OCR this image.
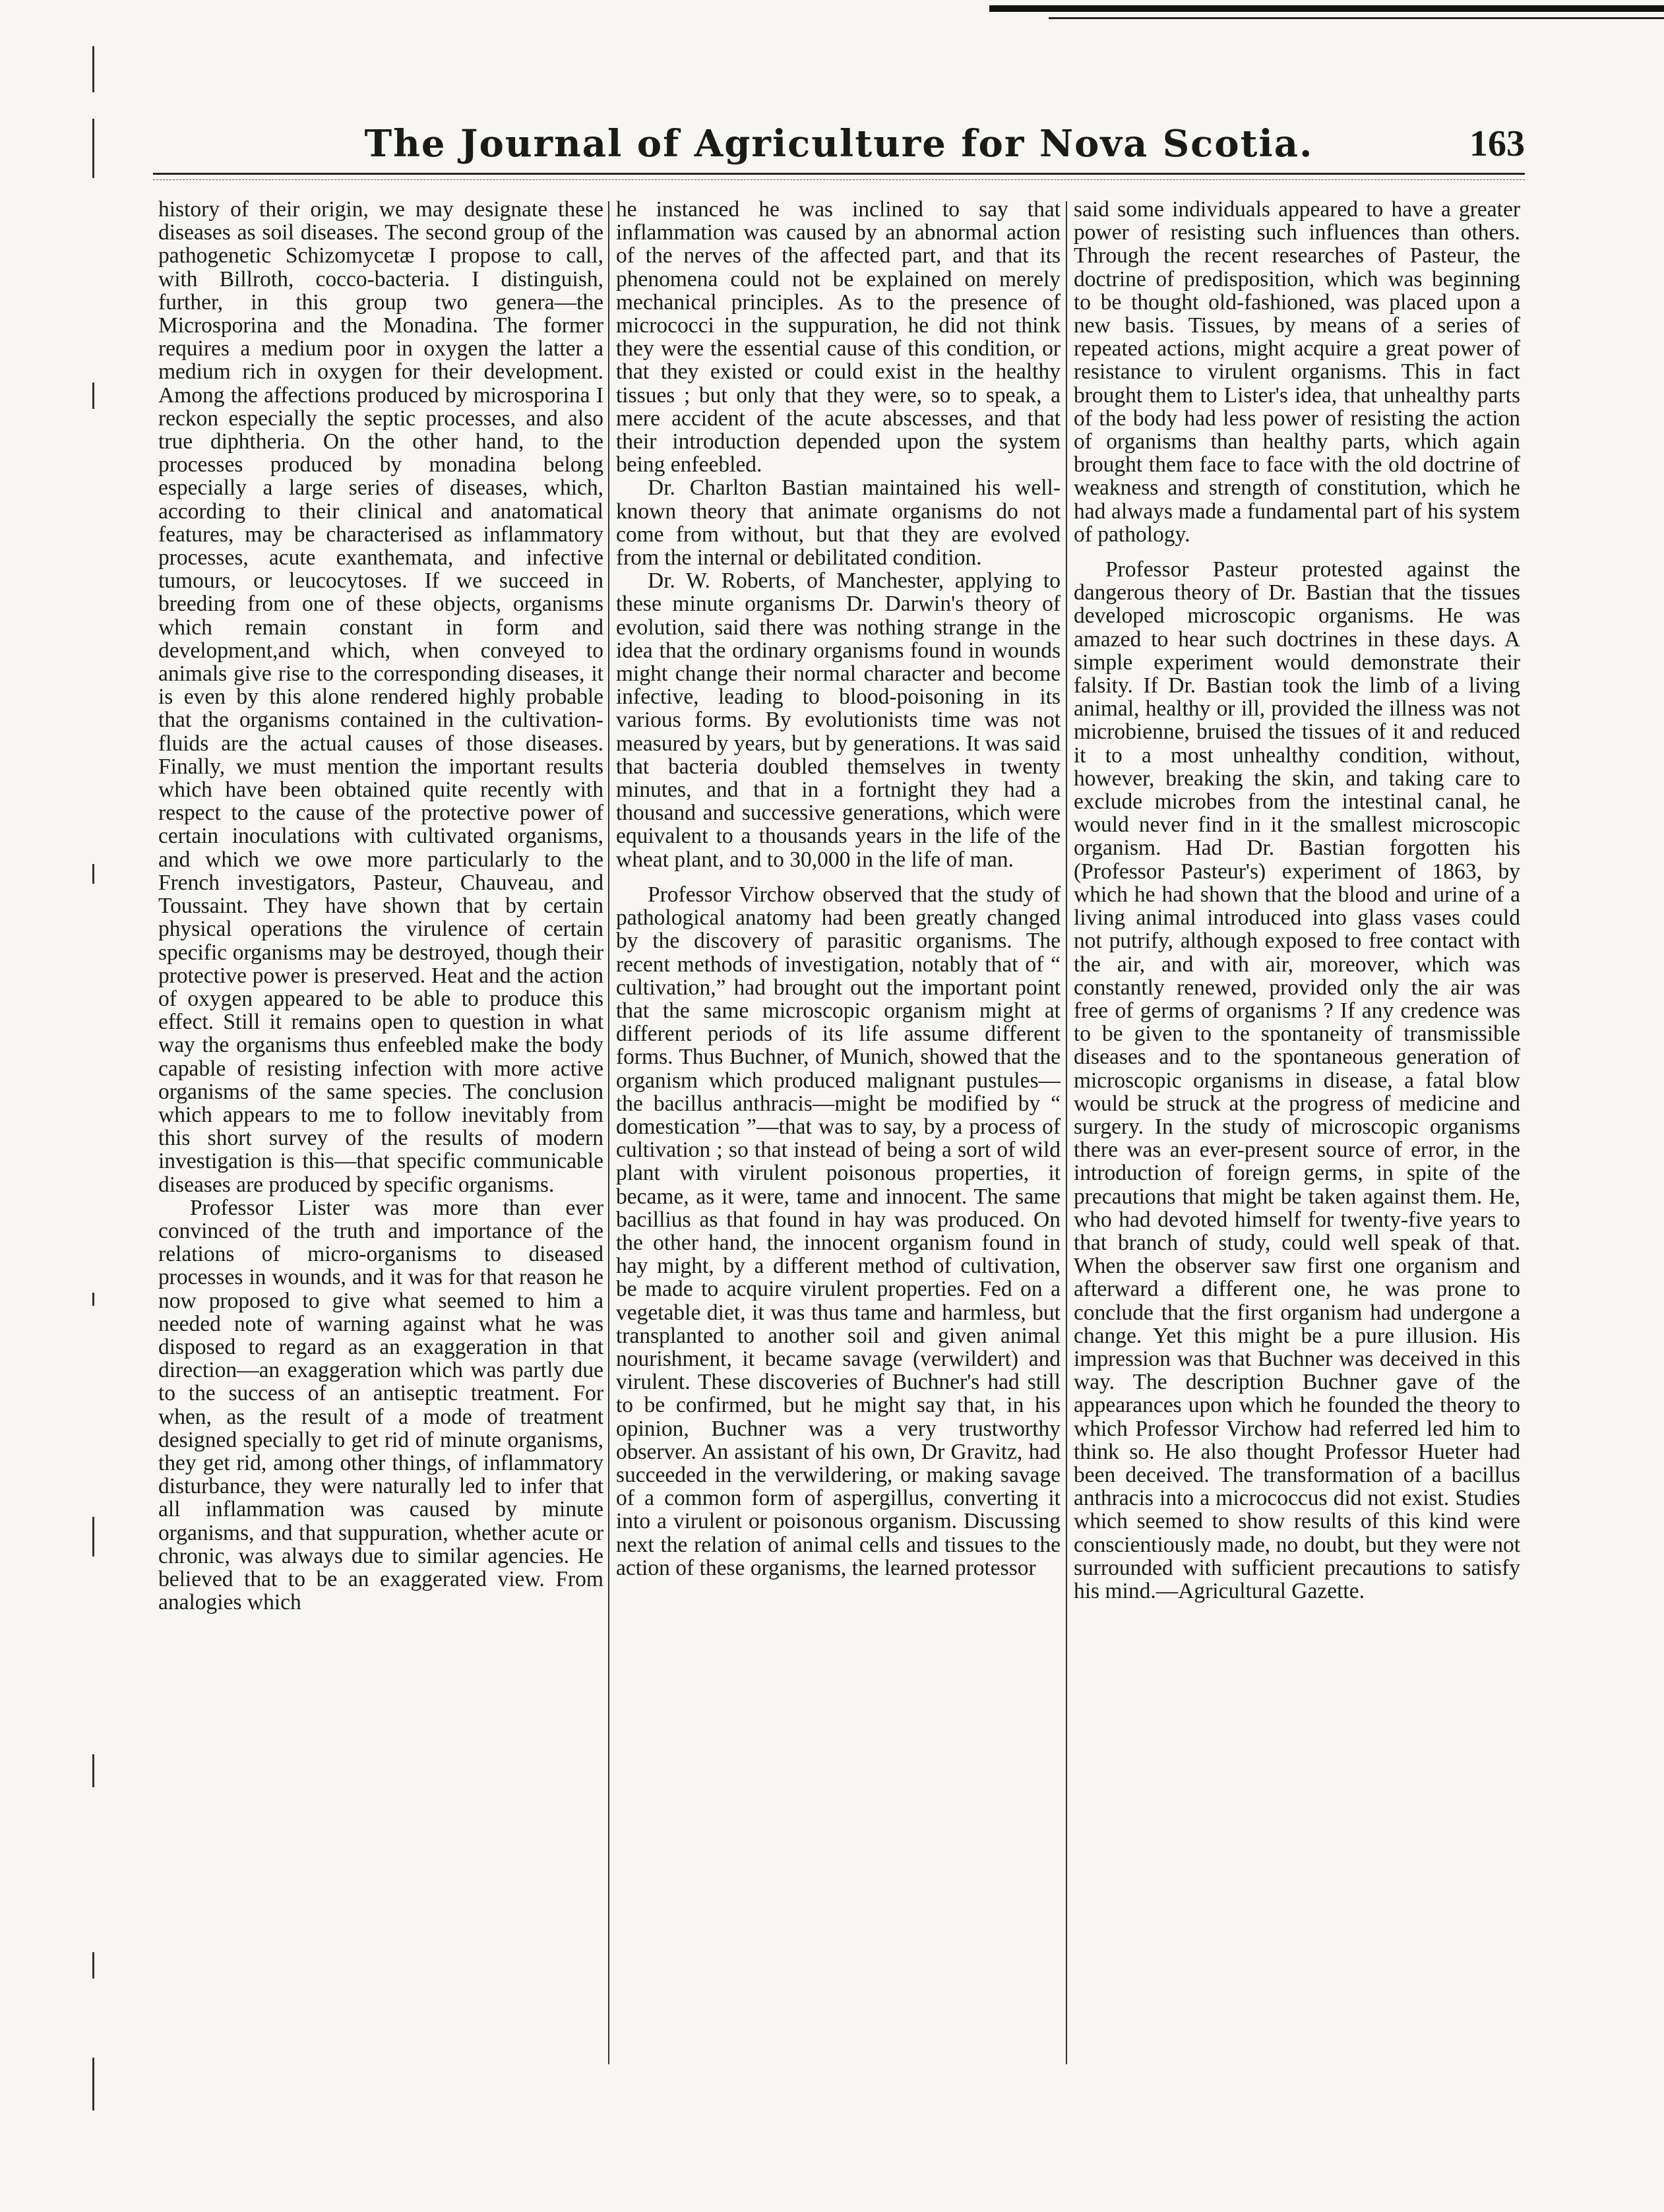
The Journal of Agriculture for Nova Scotia.	163

history of their origin, we may designate these diseases as soil diseases. The second group of the pathogenetic Schizomycetæ I propose to call, with Billroth, cocco-bacteria. I distinguish, further, in this group two genera—the Microsporina and the Monadina. The former requires a medium poor in oxygen the latter a medium rich in oxygen for their development. Among the affections produced by microsporina I reckon especially the septic processes, and also true diphtheria. On the other hand, to the processes produced by monadina belong especially a large series of diseases, which, according to their clinical and anatomatical features, may be characterised as inflammatory processes, acute exanthemata, and infective tumours, or leucocytoses. If we succeed in breeding from one of these objects, organisms which remain constant in form and development,and which, when conveyed to animals give rise to the corresponding diseases, it is even by this alone rendered highly probable that the organisms contained in the cultivation-fluids are the actual causes of those diseases. Finally, we must mention the important results which have been obtained quite recently with respect to the cause of the protective power of certain inoculations with cultivated organisms, and which we owe more particularly to the French investigators, Pasteur, Chauveau, and Toussaint. They have shown that by certain physical operations the virulence of certain specific organisms may be destroyed, though their protective power is preserved. Heat and the action of oxygen appeared to be able to produce this effect. Still it remains open to question in what way the organisms thus enfeebled make the body capable of resisting infection with more active organisms of the same species. The conclusion which appears to me to follow inevitably from this short survey of the results of modern investigation is this—that specific communicable diseases are produced by specific organisms.

Professor Lister was more than ever convinced of the truth and importance of the relations of micro-organisms to diseased processes in wounds, and it was for that reason he now proposed to give what seemed to him a needed note of warning against what he was disposed to regard as an exaggeration in that direction—an exaggeration which was partly due to the success of an antiseptic treatment. For when, as the result of a mode of treatment designed specially to get rid of minute organisms, they get rid, among other things, of inflammatory disturbance, they were naturally led to infer that all inflammation was caused by minute organisms, and that suppuration, whether acute or chronic, was always due to similar agencies. He believed that to be an exaggerated view. From analogies which

he instanced he was inclined to say that inflammation was caused by an abnormal action of the nerves of the affected part, and that its phenomena could not be explained on merely mechanical principles. As to the presence of micrococci in the suppuration, he did not think they were the essential cause of this condition, or that they existed or could exist in the healthy tissues ; but only that they were, so to speak, a mere accident of the acute abscesses, and that their introduction depended upon the system being enfeebled.

Dr. Charlton Bastian maintained his well-known theory that animate organisms do not come from without, but that they are evolved from the internal or debilitated condition.

Dr. W. Roberts, of Manchester, applying to these minute organisms Dr. Darwin's theory of evolution, said there was nothing strange in the idea that the ordinary organisms found in wounds might change their normal character and become infective, leading to blood-poisoning in its various forms. By evolutionists time was not measured by years, but by generations. It was said that bacteria doubled themselves in twenty minutes, and that in a fortnight they had a thousand and successive generations, which were equivalent to a thousands years in the life of the wheat plant, and to 30,000 in the life of man.

Professor Virchow observed that the study of pathological anatomy had been greatly changed by the discovery of parasitic organisms. The recent methods of investigation, notably that of “ cultivation,” had brought out the important point that the same microscopic organism might at different periods of its life assume different forms. Thus Buchner, of Munich, showed that the organism which produced malignant pustules—the bacillus anthracis—might be modified by “ domestication ”—that was to say, by a process of cultivation ; so that instead of being a sort of wild plant with virulent poisonous properties, it became, as it were, tame and innocent. The same bacillius as that found in hay was produced. On the other hand, the innocent organism found in hay might, by a different method of cultivation, be made to acquire virulent properties. Fed on a vegetable diet, it was thus tame and harmless, but transplanted to another soil and given animal nourishment, it became savage (verwildert) and virulent. These discoveries of Buchner's had still to be confirmed, but he might say that, in his opinion, Buchner was a very trustworthy observer. An assistant of his own, Dr Gravitz, had succeeded in the verwildering, or making savage of a common form of aspergillus, converting it into a virulent or poisonous organism. Discussing next the relation of animal cells and tissues to the action of these organisms, the learned protessor

said some individuals appeared to have a greater power of resisting such influences than others. Through the recent researches of Pasteur, the doctrine of predisposition, which was beginning to be thought old-fashioned, was placed upon a new basis. Tissues, by means of a series of repeated actions, might acquire a great power of resistance to virulent organisms. This in fact brought them to Lister's idea, that unhealthy parts of the body had less power of resisting the action of organisms than healthy parts, which again brought them face to face with the old doctrine of weakness and strength of constitution, which he had always made a fundamental part of his system of pathology.

Professor Pasteur protested against the dangerous theory of Dr. Bastian that the tissues developed microscopic organisms. He was amazed to hear such doctrines in these days. A simple experiment would demonstrate their falsity. If Dr. Bastian took the limb of a living animal, healthy or ill, provided the illness was not microbienne, bruised the tissues of it and reduced it to a most unhealthy condition, without, however, breaking the skin, and taking care to exclude microbes from the intestinal canal, he would never find in it the smallest microscopic organism. Had Dr. Bastian forgotten his (Professor Pasteur's) experiment of 1863, by which he had shown that the blood and urine of a living animal introduced into glass vases could not putrify, although exposed to free contact with the air, and with air, moreover, which was constantly renewed, provided only the air was free of germs of organisms ? If any credence was to be given to the spontaneity of transmissible diseases and to the spontaneous generation of microscopic organisms in disease, a fatal blow would be struck at the progress of medicine and surgery. In the study of microscopic organisms there was an ever-present source of error, in the introduction of foreign germs, in spite of the precautions that might be taken against them. He, who had devoted himself for twenty-five years to that branch of study, could well speak of that. When the observer saw first one organism and afterward a different one, he was prone to conclude that the first organism had undergone a change. Yet this might be a pure illusion. His impression was that Buchner was deceived in this way. The description Buchner gave of the appearances upon which he founded the theory to which Professor Virchow had referred led him to think so. He also thought Professor Hueter had been deceived. The transformation of a bacillus anthracis into a micrococcus did not exist. Studies which seemed to show results of this kind were conscientiously made, no doubt, but they were not surrounded with sufficient precautions to satisfy his mind.—Agricultural Gazette.
